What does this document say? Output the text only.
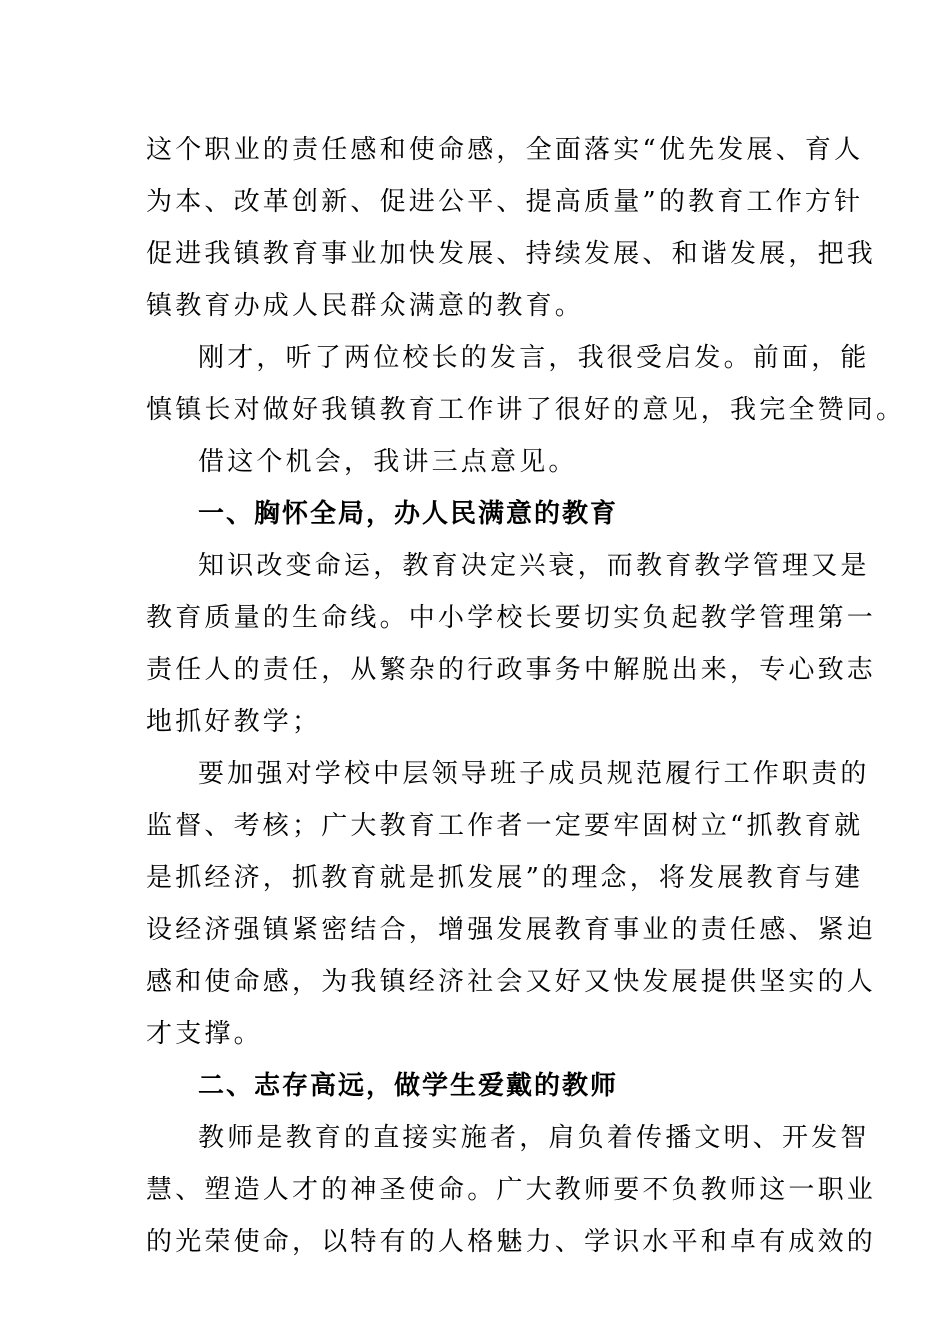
这个职业的责任感和使命感，全面落实“优先发展、育人
为本、改革创新、促进公平、提高质量”的教育工作方针
促进我镇教育事业加快发展、持续发展、和谐发展，把我
镇教育办成人民群众满意的教育。
刚才，听了两位校长的发言，我很受启发。前面，能
慎镇长对做好我镇教育工作讲了很好的意见，我完全赞同。
借这个机会，我讲三点意见。
一、胸怀全局，办人民满意的教育
知识改变命运，教育决定兴衰，而教育教学管理又是
教育质量的生命线。中小学校长要切实负起教学管理第一
责任人的责任，从繁杂的行政事务中解脱出来，专心致志
地抓好教学；
要加强对学校中层领导班子成员规范履行工作职责的
监督、考核；广大教育工作者一定要牢固树立“抓教育就
是抓经济，抓教育就是抓发展”的理念，将发展教育与建
设经济强镇紧密结合，增强发展教育事业的责任感、紧迫
感和使命感，为我镇经济社会又好又快发展提供坚实的人
才支撑。
二、志存高远，做学生爱戴的教师
教师是教育的直接实施者，肩负着传播文明、开发智
慧、塑造人才的神圣使命。广大教师要不负教师这一职业
的光荣使命，以特有的人格魅力、学识水平和卓有成效的
